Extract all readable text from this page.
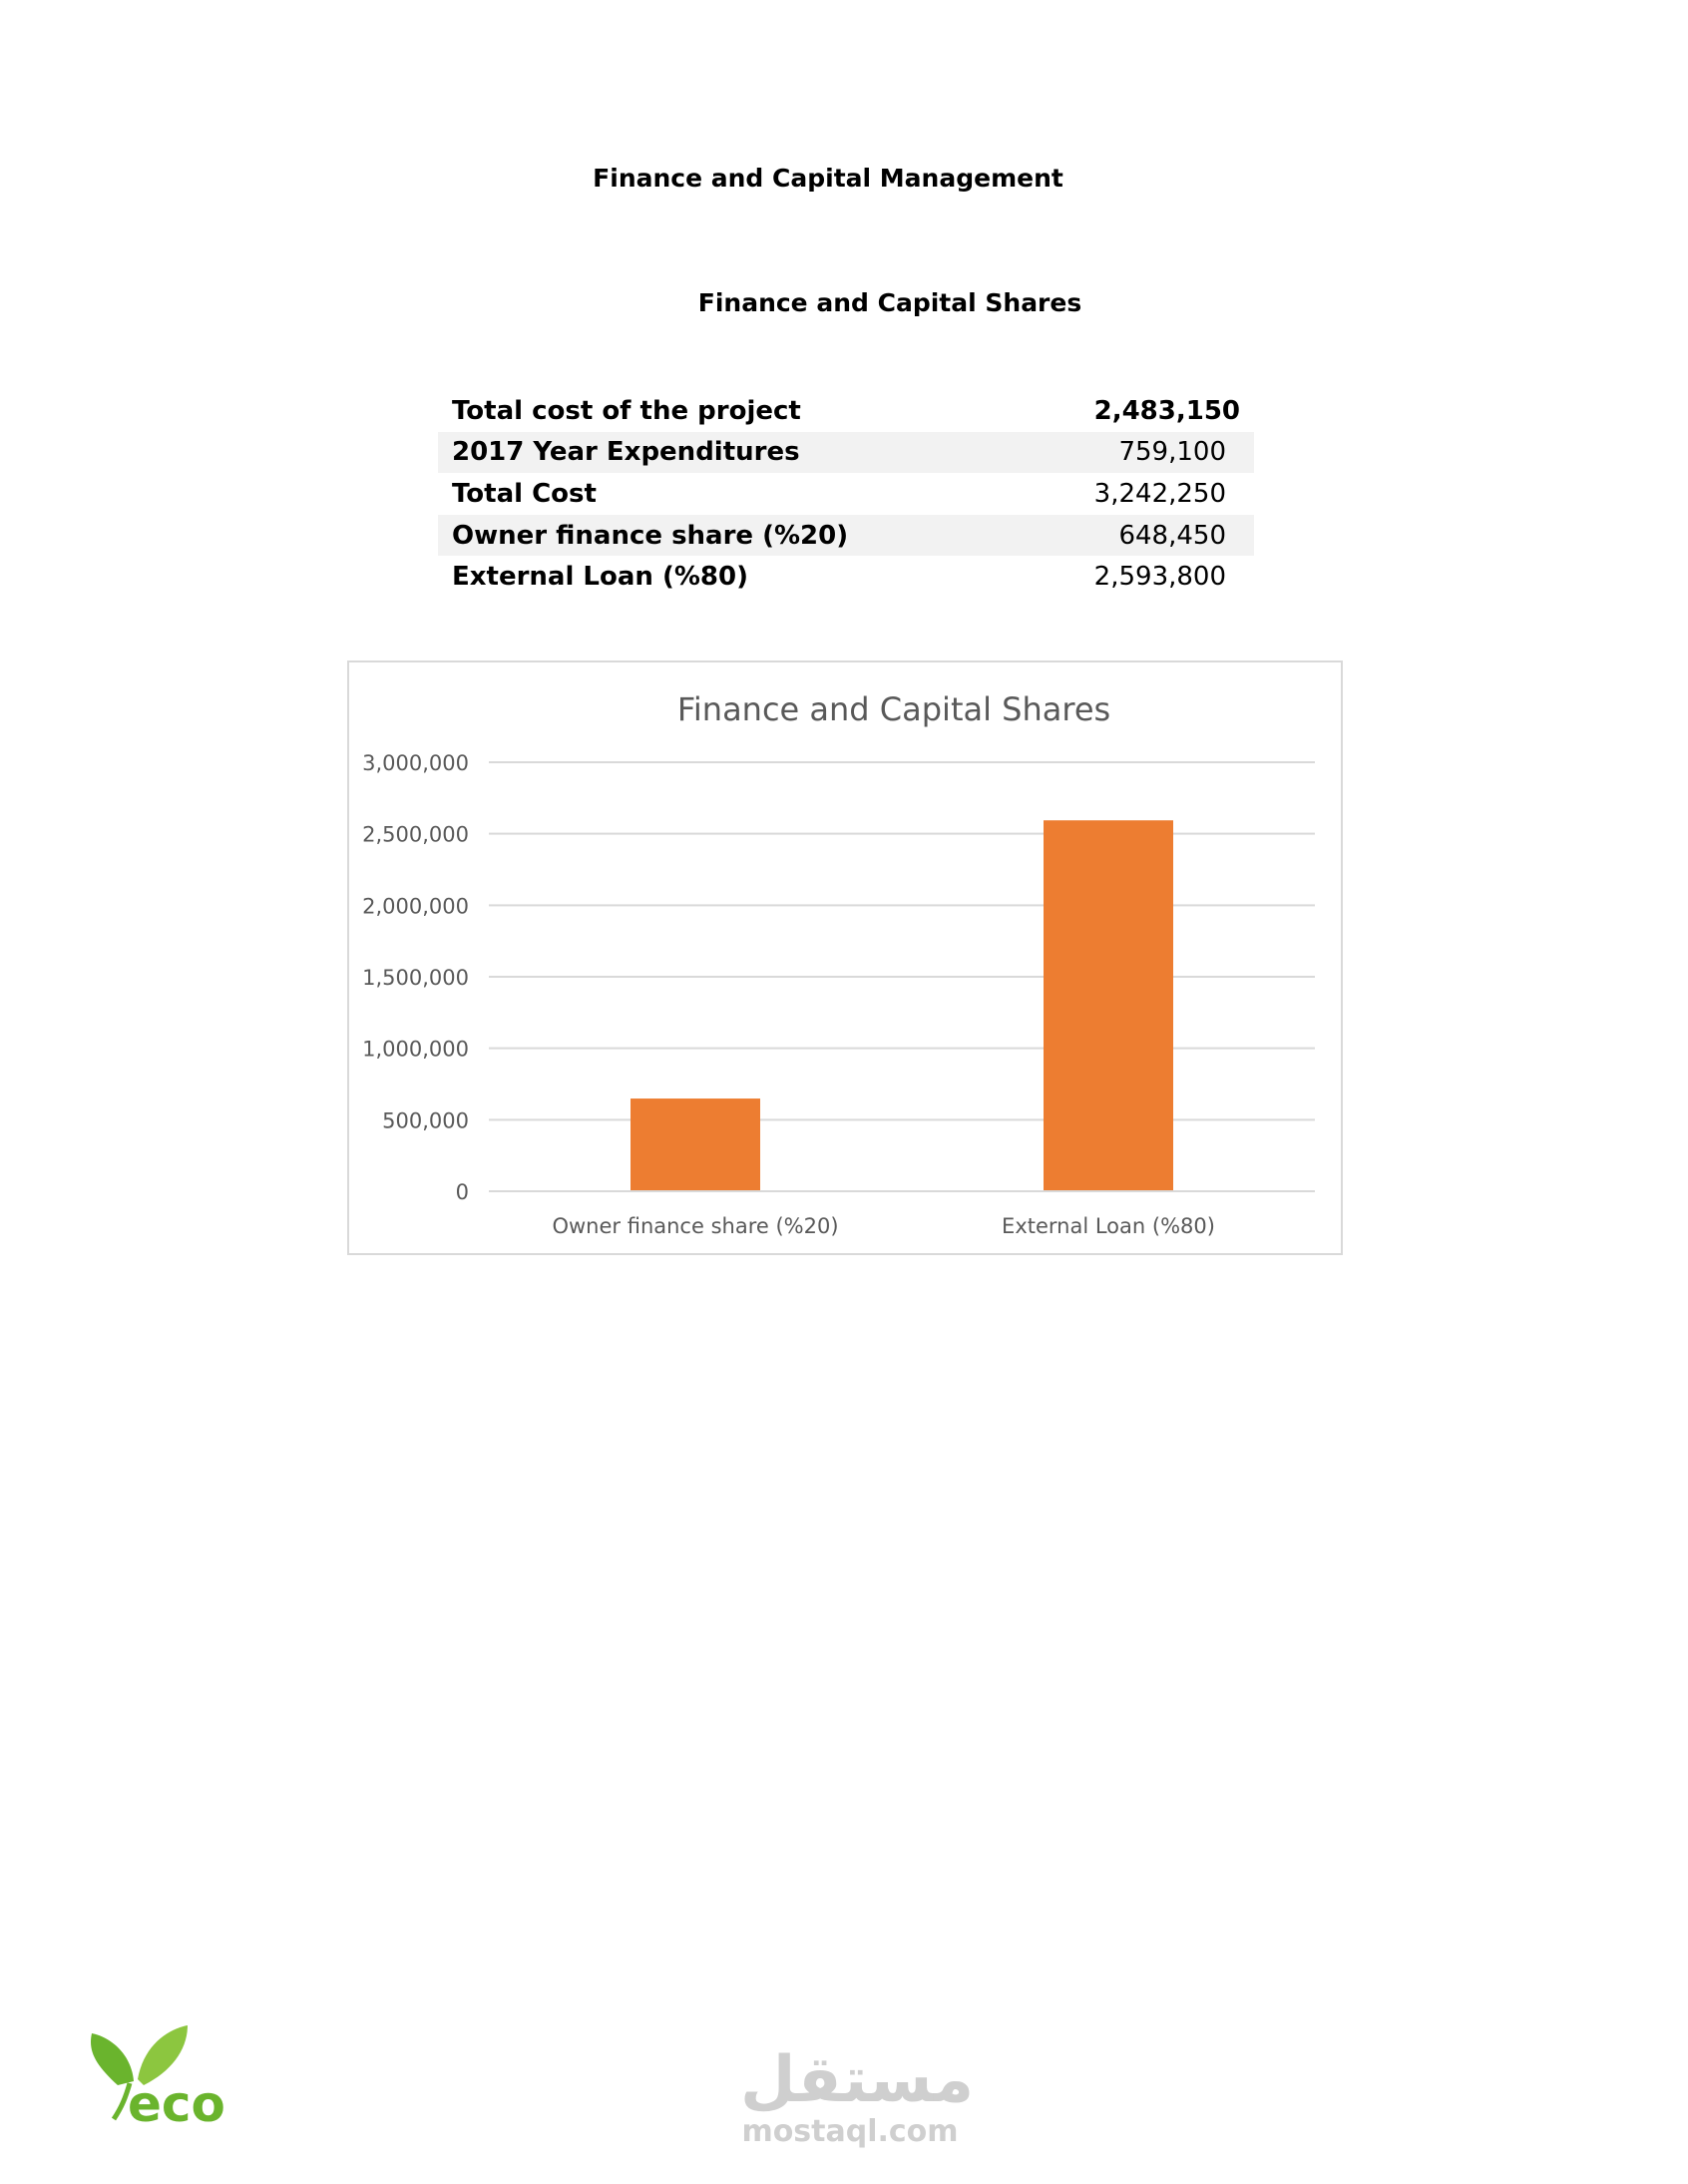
Finance and Capital Management
Finance and Capital Shares
Total cost of the project	2,483,150
2017 Year Expenditures	759,100
Total Cost	3,242,250
Owner finance share (%20)	648,450
External Loan (%80)	2,593,800
Finance and Capital Shares
0
500,000
1,000,000
1,500,000
2,000,000
2,500,000
3,000,000
Owner finance share (%20)	External Loan (%80)
eco	مستقل
mostaql.com
